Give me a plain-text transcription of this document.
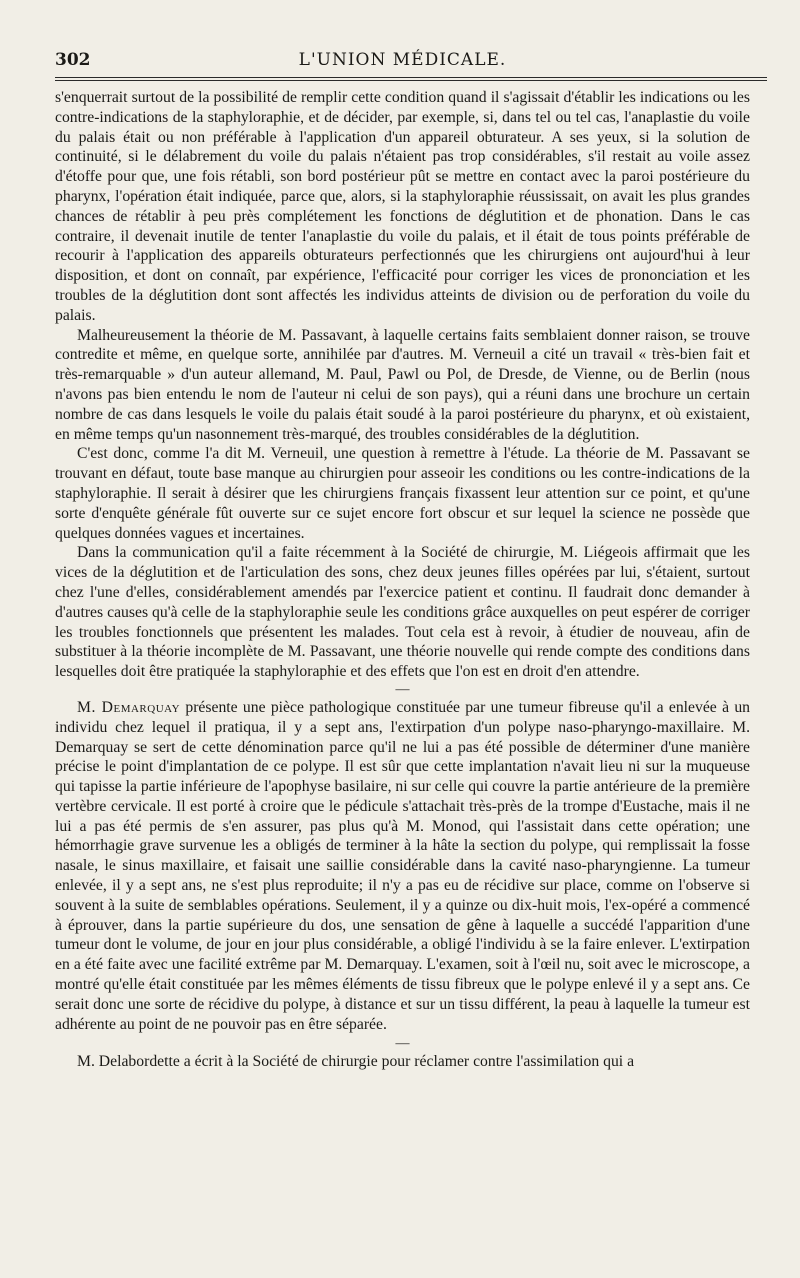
302	L'UNION MÉDICALE.

s'enquerrait surtout de la possibilité de remplir cette condition quand il s'agissait d'établir les indications ou les contre-indications de la staphyloraphie, et de décider, par exemple, si, dans tel ou tel cas, l'anaplastie du voile du palais était ou non préférable à l'application d'un appareil obturateur. A ses yeux, si la solution de continuité, si le délabrement du voile du palais n'étaient pas trop considérables, s'il restait au voile assez d'étoffe pour que, une fois rétabli, son bord postérieur pût se mettre en contact avec la paroi postérieure du pharynx, l'opération était indiquée, parce que, alors, si la staphyloraphie réussissait, on avait les plus grandes chances de rétablir à peu près complétement les fonctions de déglutition et de phonation. Dans le cas contraire, il devenait inutile de tenter l'anaplastie du voile du palais, et il était de tous points préférable de recourir à l'application des appareils obturateurs perfectionnés que les chirurgiens ont aujourd'hui à leur disposition, et dont on connaît, par expérience, l'efficacité pour corriger les vices de prononciation et les troubles de la déglutition dont sont affectés les individus atteints de division ou de perforation du voile du palais.

Malheureusement la théorie de M. Passavant, à laquelle certains faits semblaient donner raison, se trouve contredite et même, en quelque sorte, annihilée par d'autres. M. Verneuil a cité un travail « très-bien fait et très-remarquable » d'un auteur allemand, M. Paul, Pawl ou Pol, de Dresde, de Vienne, ou de Berlin (nous n'avons pas bien entendu le nom de l'auteur ni celui de son pays), qui a réuni dans une brochure un certain nombre de cas dans lesquels le voile du palais était soudé à la paroi postérieure du pharynx, et où existaient, en même temps qu'un nasonnement très-marqué, des troubles considérables de la déglutition.

C'est donc, comme l'a dit M. Verneuil, une question à remettre à l'étude. La théorie de M. Passavant se trouvant en défaut, toute base manque au chirurgien pour asseoir les conditions ou les contre-indications de la staphyloraphie. Il serait à désirer que les chirurgiens français fixassent leur attention sur ce point, et qu'une sorte d'enquête générale fût ouverte sur ce sujet encore fort obscur et sur lequel la science ne possède que quelques données vagues et incertaines.

Dans la communication qu'il a faite récemment à la Société de chirurgie, M. Liégeois affirmait que les vices de la déglutition et de l'articulation des sons, chez deux jeunes filles opérées par lui, s'étaient, surtout chez l'une d'elles, considérablement amendés par l'exercice patient et continu. Il faudrait donc demander à d'autres causes qu'à celle de la staphyloraphie seule les conditions grâce auxquelles on peut espérer de corriger les troubles fonctionnels que présentent les malades. Tout cela est à revoir, à étudier de nouveau, afin de substituer à la théorie incomplète de M. Passavant, une théorie nouvelle qui rende compte des conditions dans lesquelles doit être pratiquée la staphyloraphie et des effets que l'on est en droit d'en attendre.

—

M. Demarquay présente une pièce pathologique constituée par une tumeur fibreuse qu'il a enlevée à un individu chez lequel il pratiqua, il y a sept ans, l'extirpation d'un polype naso-pharyngo-maxillaire. M. Demarquay se sert de cette dénomination parce qu'il ne lui a pas été possible de déterminer d'une manière précise le point d'implantation de ce polype. Il est sûr que cette implantation n'avait lieu ni sur la muqueuse qui tapisse la partie inférieure de l'apophyse basilaire, ni sur celle qui couvre la partie antérieure de la première vertèbre cervicale. Il est porté à croire que le pédicule s'attachait très-près de la trompe d'Eustache, mais il ne lui a pas été permis de s'en assurer, pas plus qu'à M. Monod, qui l'assistait dans cette opération; une hémorrhagie grave survenue les a obligés de terminer à la hâte la section du polype, qui remplissait la fosse nasale, le sinus maxillaire, et faisait une saillie considérable dans la cavité naso-pharyngienne. La tumeur enlevée, il y a sept ans, ne s'est plus reproduite; il n'y a pas eu de récidive sur place, comme on l'observe si souvent à la suite de semblables opérations. Seulement, il y a quinze ou dix-huit mois, l'ex-opéré a commencé à éprouver, dans la partie supérieure du dos, une sensation de gêne à laquelle a succédé l'apparition d'une tumeur dont le volume, de jour en jour plus considérable, a obligé l'individu à se la faire enlever. L'extirpation en a été faite avec une facilité extrême par M. Demarquay. L'examen, soit à l'œil nu, soit avec le microscope, a montré qu'elle était constituée par les mêmes éléments de tissu fibreux que le polype enlevé il y a sept ans. Ce serait donc une sorte de récidive du polype, à distance et sur un tissu différent, la peau à laquelle la tumeur est adhérente au point de ne pouvoir pas en être séparée.

—

M. Delabordette a écrit à la Société de chirurgie pour réclamer contre l'assimilation qui a
